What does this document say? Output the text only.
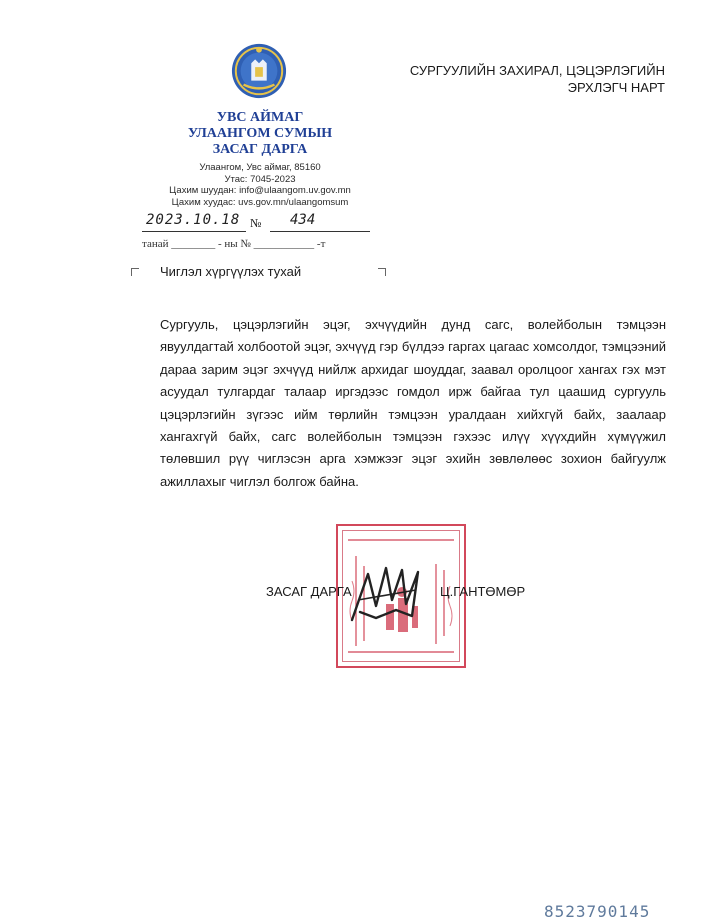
УВС АЙМАГ
УЛААНГОМ СУМЫН
ЗАСАГ ДАРГА
Улаангом, Увс аймаг, 85160
Утас: 7045-2023
Цахим шуудан: info@ulaangom.uv.gov.mn
Цахим хуудас: uvs.gov.mn/ulaangomsum
СУРГУУЛИЙН ЗАХИРАЛ, ЦЭЦЭРЛЭГИЙН
ЭРХЛЭГЧ НАРТ
2023.10.18 № 434
танай ________ - ны № ___________ -т
Чиглэл хүргүүлэх тухай
Сургууль, цэцэрлэгийн эцэг, эхчүүдийн дунд сагс, волейболын тэмцээн явуулдагтай холбоотой эцэг, эхчүүд гэр бүлдээ гаргах цагаас хомсолдог, тэмцээний дараа зарим эцэг эхчүүд нийлж архидаг шоуддаг, заавал оролцоог хангах гэх мэт асуудал тулгардаг талаар иргэдээс гомдол ирж байгаа тул цаашид сургууль цэцэрлэгийн зүгээс ийм төрлийн тэмцээн уралдаан хийхгүй байх, заалаар хангахгүй байх, сагс волейболын тэмцээн гэхээс илүү хүүхдийн хүмүүжил төлөвшил рүү чиглэсэн арга хэмжээг эцэг эхийн зөвлөлөөс зохион байгуулж ажиллахыг чиглэл болгож байна.
ЗАСАГ ДАРГА	Ц.ГАНТӨМӨР
8523790145
